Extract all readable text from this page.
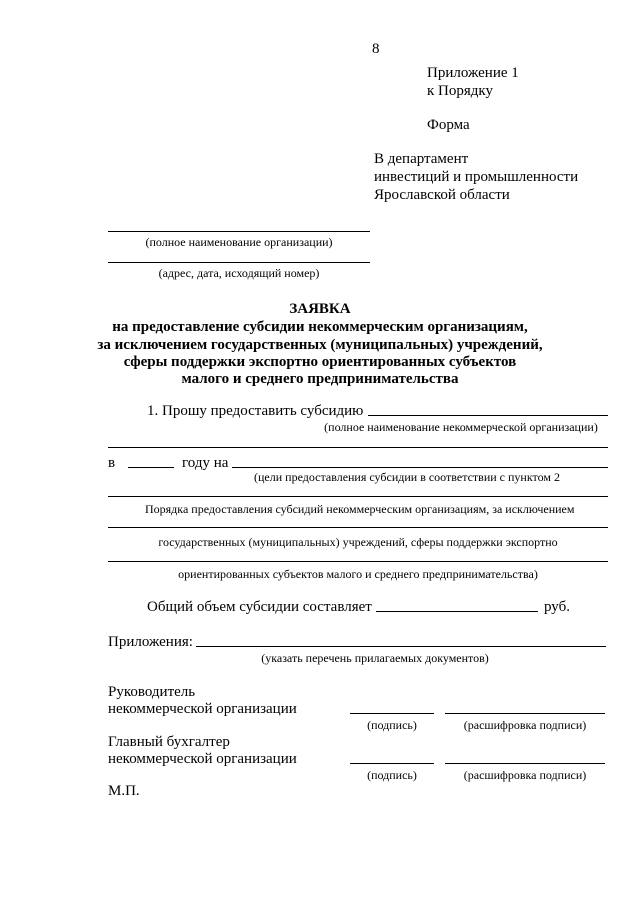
8
Приложение 1
к Порядку
Форма
В департамент
инвестиций и промышленности
Ярославской области
(полное наименование организации)
(адрес, дата, исходящий номер)
ЗАЯВКА
на предоставление субсидии некоммерческим организациям,
за исключением государственных (муниципальных) учреждений,
сферы поддержки экспортно ориентированных субъектов
малого и среднего предпринимательства
1. Прошу предоставить субсидию
(полное наименование некоммерческой организации)
в	году на
(цели предоставления субсидии в соответствии с пунктом 2
Порядка предоставления субсидий некоммерческим организациям, за исключением
государственных (муниципальных) учреждений, сферы поддержки экспортно
ориентированных субъектов малого и среднего предпринимательства)
Общий объем субсидии составляет	руб.
Приложения:
(указать перечень прилагаемых документов)
Руководитель
некоммерческой организации
(подпись)	(расшифровка подписи)
Главный бухгалтер
некоммерческой организации
(подпись)	(расшифровка подписи)
М.П.
